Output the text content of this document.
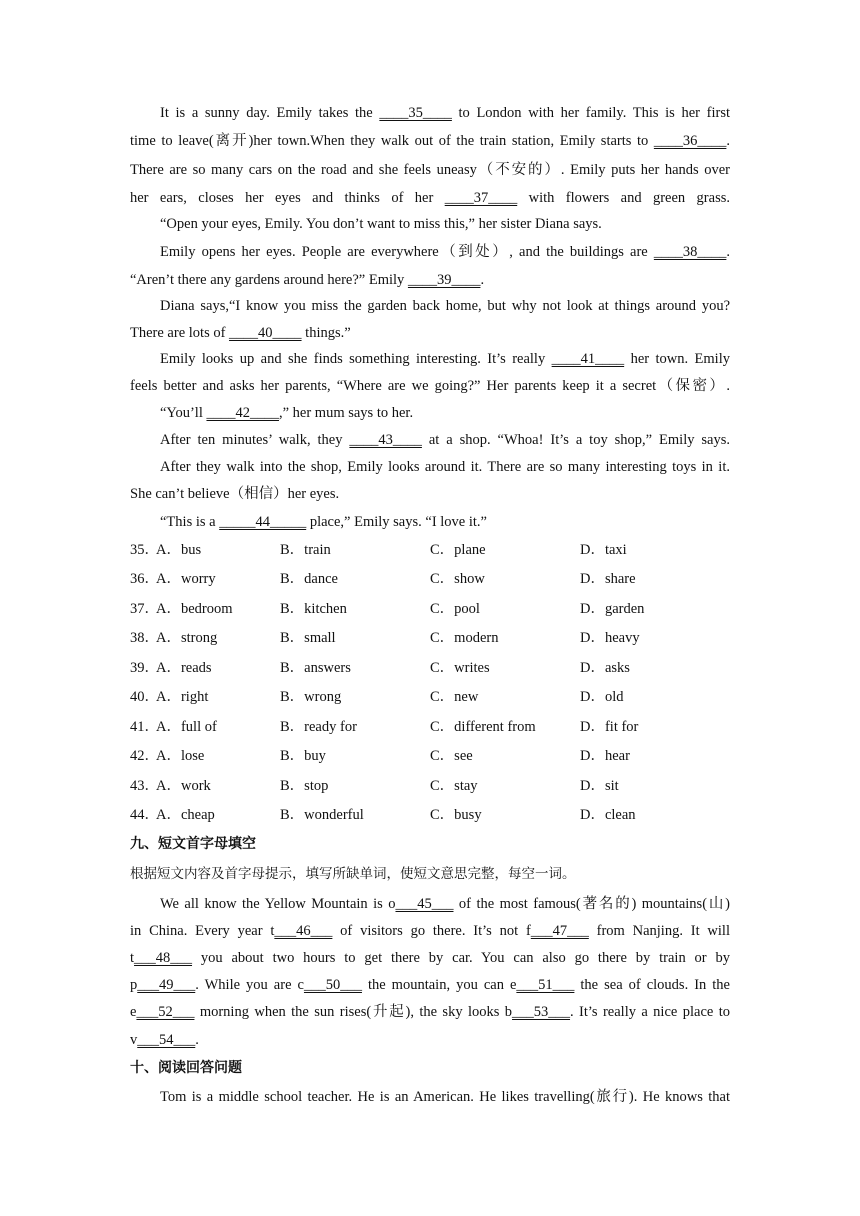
It is a sunny day. Emily takes the ____35____ to London with her family. This is her first
time to leave(离开)her town.When they walk out of the train station, Emily starts to ____36____.
There are so many cars on the road and she feels uneasy（不安的）. Emily puts her hands over
her ears, closes her eyes and thinks of her ____37____ with flowers and green grass.
“Open your eyes, Emily. You don’t want to miss this,” her sister Diana says.
Emily opens her eyes. People are everywhere（到处）, and the buildings are ____38____.
“Aren’t there any gardens around here?” Emily ____39____.
Diana says,“I know you miss the garden back home, but why not look at things around you?
There are lots of ____40____ things.”
Emily looks up and she finds something interesting. It’s really ____41____ her town. Emily
feels better and asks her parents, “Where are we going?” Her parents keep it a secret（保密）.
“You’ll ____42____,” her mum says to her.
After ten minutes’ walk, they ____43____ at a shop. “Whoa! It’s a toy shop,” Emily says.
After they walk into the shop, Emily looks around it. There are so many interesting toys in it.
She can’t believe（相信）her eyes.
“This is a _____44_____ place,” Emily says. “I love it.”
35．
A．bus	B．train	C．plane	D．taxi
36．
A．worry	B．dance	C．show	D．share
37．
A．bedroom	B．kitchen	C．pool	D．garden
38．
A．strong	B．small	C．modern	D．heavy
39．
A．reads	B．answers	C．writes	D．asks
40．
A．right	B．wrong	C．new	D．old
41．
A．full of	B．ready for	C．different from	D．fit for
42．
A．lose	B．buy	C．see	D．hear
43．
A．work	B．stop	C．stay	D．sit
44．
A．cheap	B．wonderful	C．busy	D．clean
九、短文首字母填空
根据短文内容及首字母提示，填写所缺单词，使短文意思完整，每空一词。
We all know the Yellow Mountain is o___45___ of the most famous(著名的) mountains(山)
in China. Every year t___46___ of visitors go there. It’s not f___47___ from Nanjing. It will
t___48___ you about two hours to get there by car. You can also go there by train or by
p___49___. While you are c___50___ the mountain, you can e___51___ the sea of clouds. In the
e___52___ morning when the sun rises(升起), the sky looks b___53___. It’s really a nice place to
v___54___.
十、阅读回答问题
Tom is a middle school teacher. He is an American. He likes travelling(旅行). He knows that
